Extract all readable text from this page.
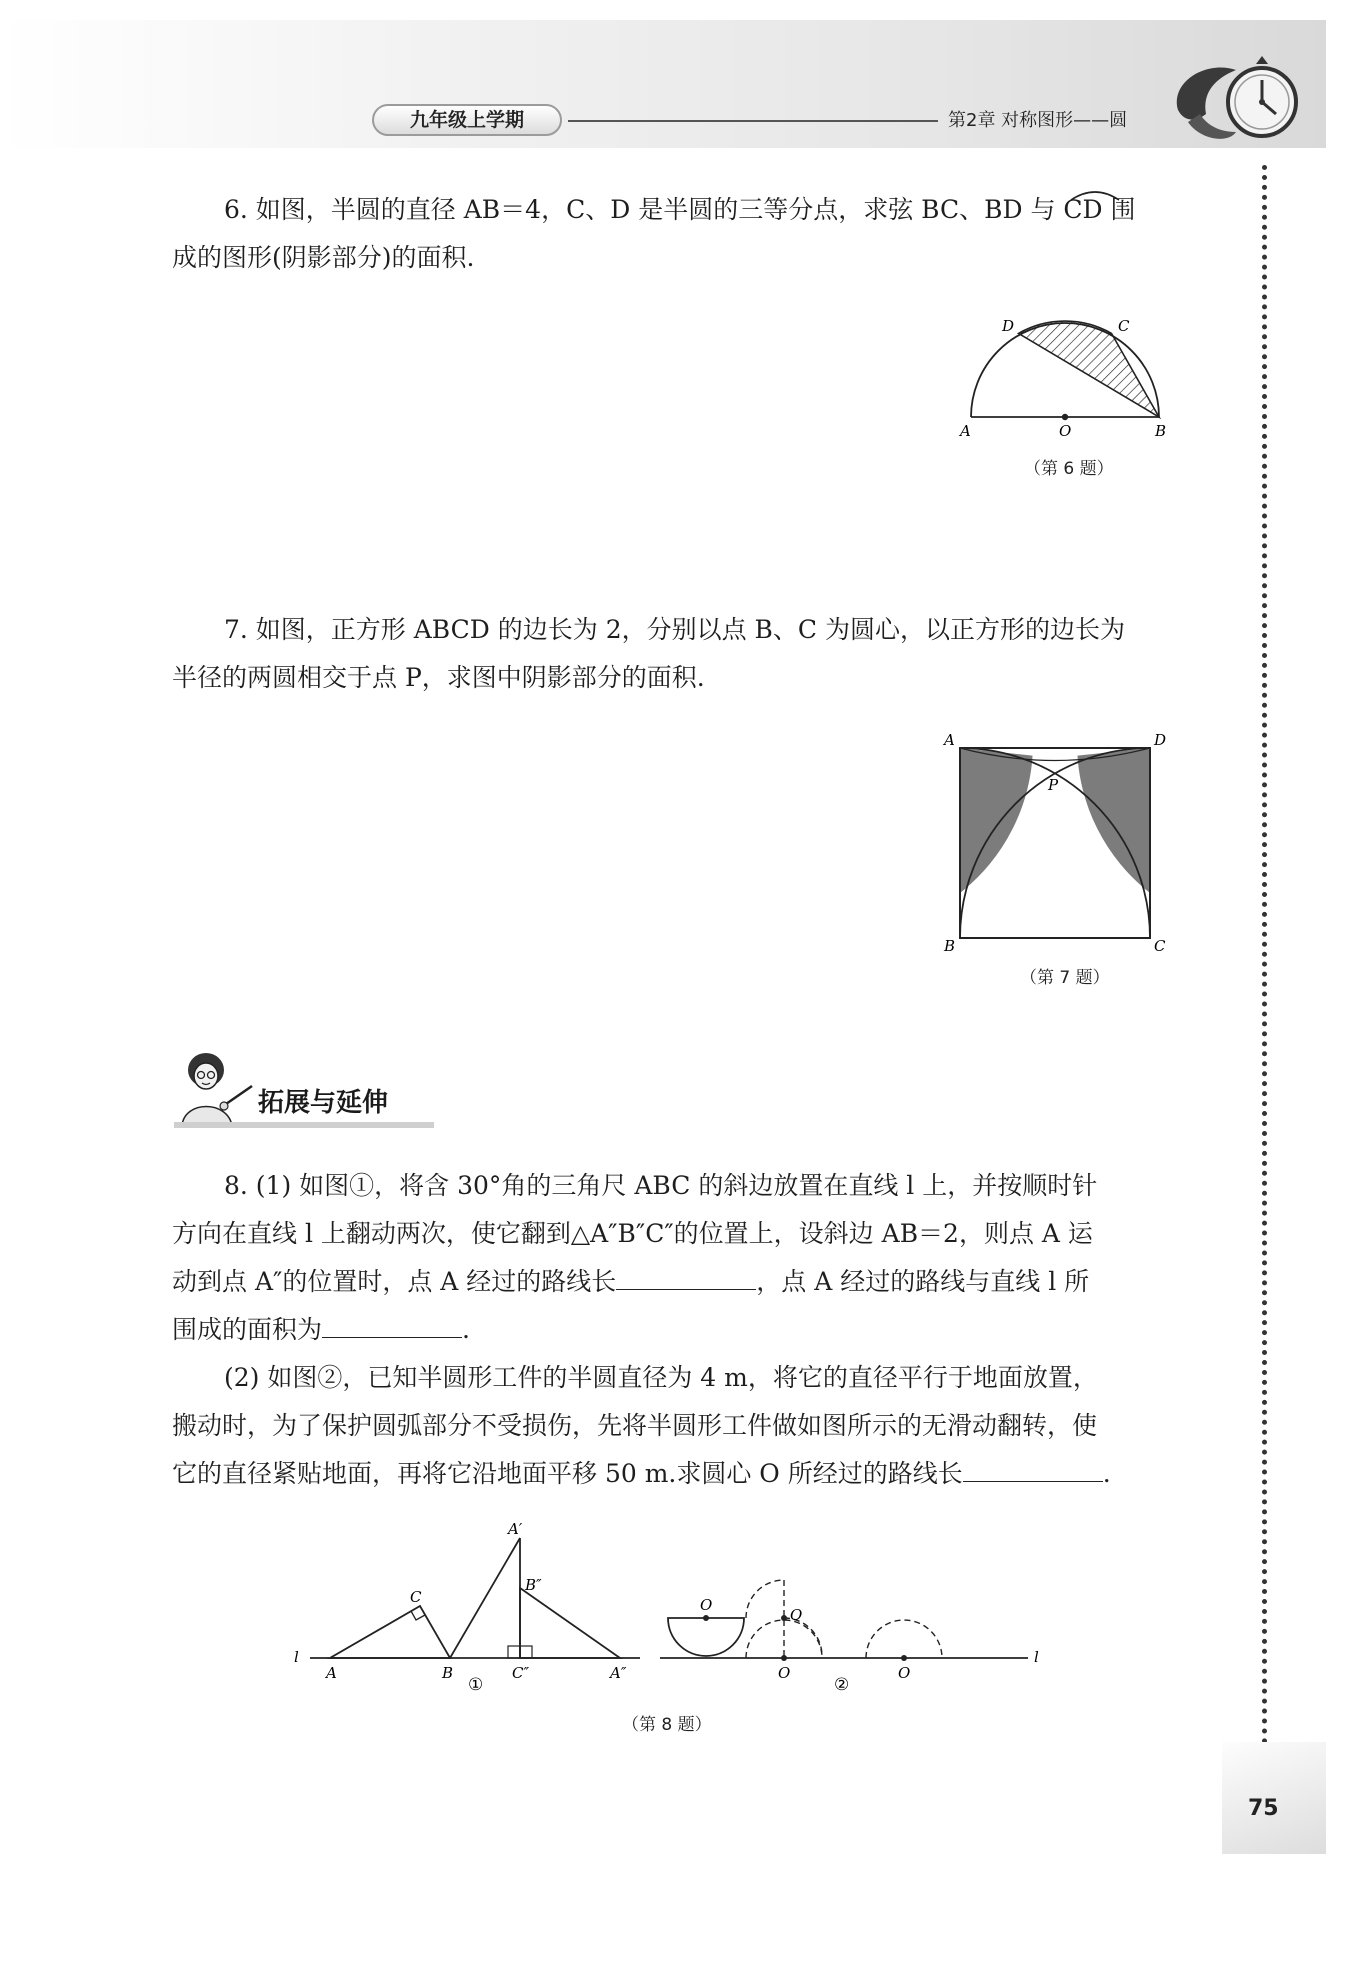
九年级上学期	第2章 对称图形——圆
6. 如图，半圆的直径 AB＝4，C、D 是半圆的三等分点，求弦 BC、BD 与 CD 围
成的图形(阴影部分)的面积.
D	C
A	O	B
（第 6 题）
7. 如图，正方形 ABCD 的边长为 2，分别以点 B、C 为圆心，以正方形的边长为
半径的两圆相交于点 P，求图中阴影部分的面积.
A	D
P
B	C
（第 7 题）
拓展与延伸
8. (1) 如图①，将含 30°角的三角尺 ABC 的斜边放置在直线 l 上，并按顺时针
方向在直线 l 上翻动两次，使它翻到△A″B″C″的位置上，设斜边 AB＝2，则点 A 运
动到点 A″的位置时，点 A 经过的路线长	，点 A 经过的路线与直线 l 所
围成的面积为	.
(2) 如图②，已知半圆形工件的半圆直径为 4 m，将它的直径平行于地面放置，
搬动时，为了保护圆弧部分不受损伤，先将半圆形工件做如图所示的无滑动翻转，使
它的直径紧贴地面，再将它沿地面平移 50 m.求圆心 O 所经过的路线长	.
l
A
C
B
A′
B″
C″	A″
①
O
O
O	O
l
②
（第 8 题）
75
